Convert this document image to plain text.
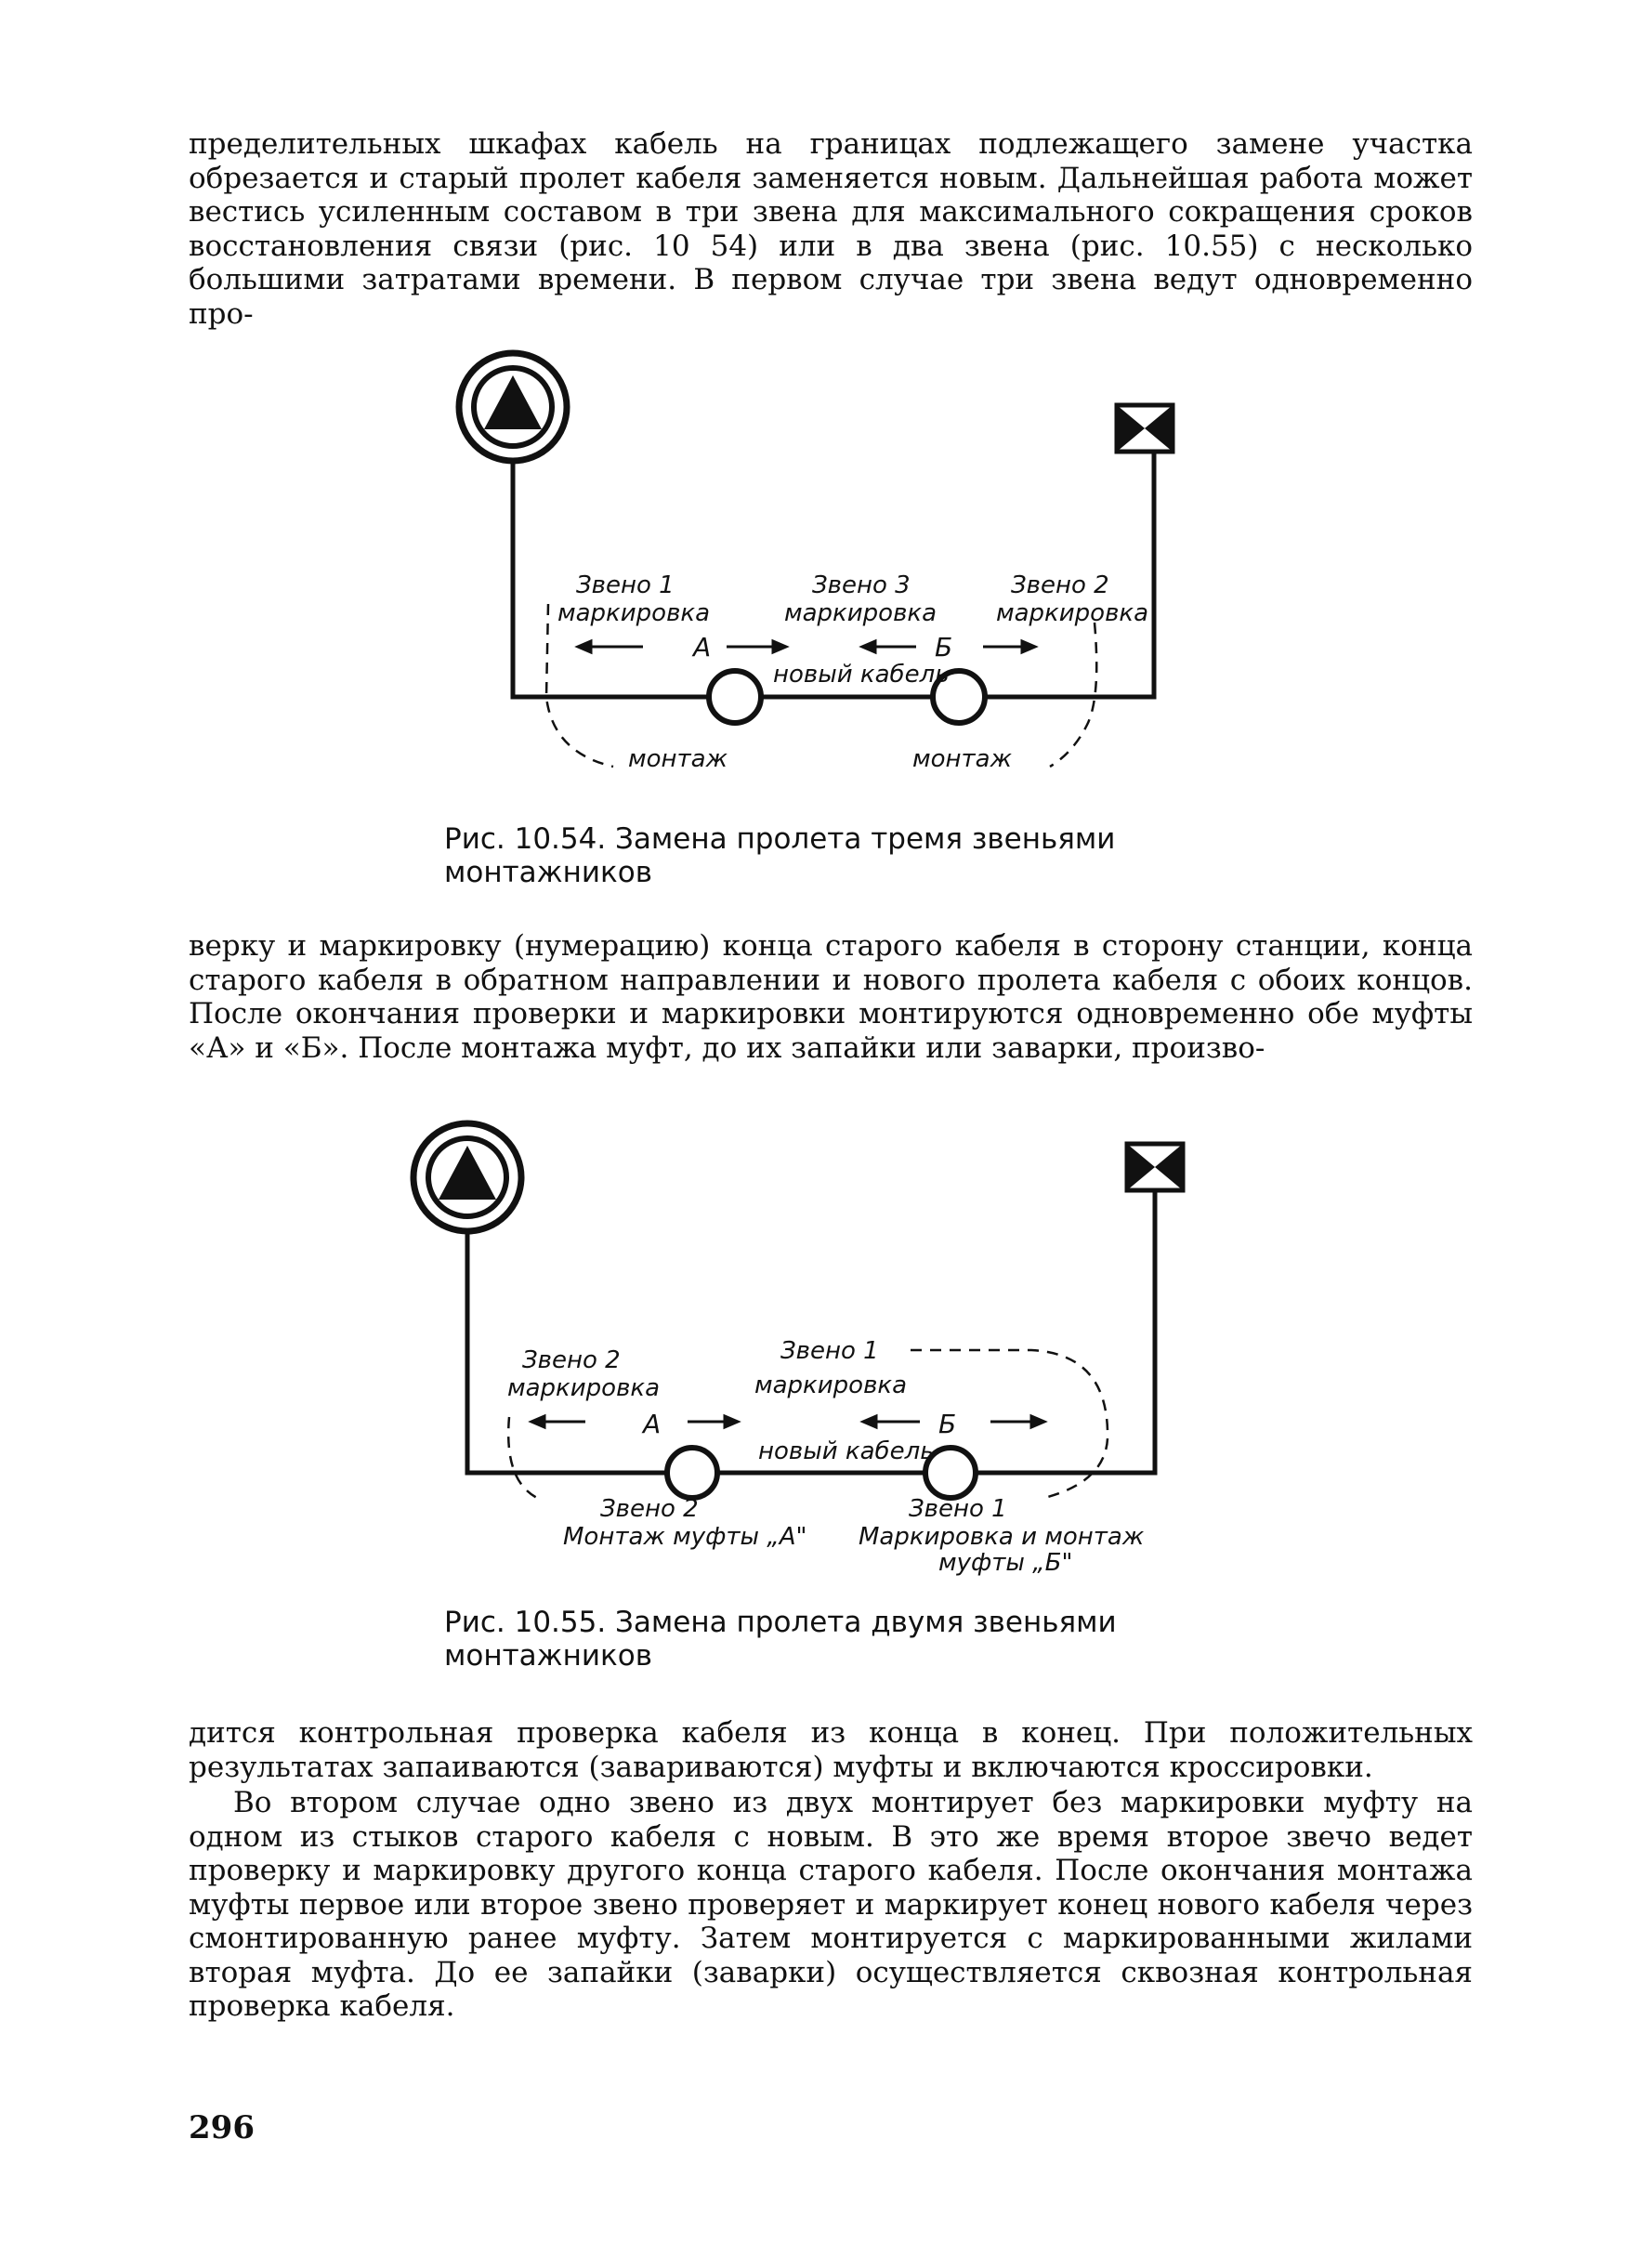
пределительных шкафах кабель на границах подлежащего замене участка обрезается и старый пролет кабеля заменяется новым. Дальнейшая работа может вестись усиленным составом в три звена для максимального сокращения сроков восстановления связи (рис. 10 54) или в два звена (рис. 10.55) с несколько большими затратами времени. В первом случае три звена ведут одновременно про-

Звено 1
маркировка
Звено 3
маркировка
Звено 2
маркировка
А	Б
новый кабель
монтаж	монтаж

Рис. 10.54. Замена пролета тремя звеньями монтажников

верку и маркировку (нумерацию) конца старого кабеля в сторону станции, конца старого кабеля в обратном направлении и нового пролета кабеля с обоих концов. После окончания проверки и маркировки монтируются одновременно обе муфты «А» и «Б». После монтажа муфт, до их запайки или заварки, произво-

Звено 2
маркировка
Звено 1
маркировка
А	Б
новый кабель
Звено 2
Монтаж муфты „А"
Звено 1
Маркировка и монтаж
муфты „Б"

Рис. 10.55. Замена пролета двумя звеньями монтажников

дится контрольная проверка кабеля из конца в конец. При положительных результатах запаиваются (завариваются) муфты и включаются кроссировки.

Во втором случае одно звено из двух монтирует без маркировки муфту на одном из стыков старого кабеля с новым. В это же время второе звечо ведет проверку и маркировку другого конца старого кабеля. После окончания монтажа муфты первое или второе звено проверяет и маркирует конец нового кабеля через смонтированную ранее муфту. Затем монтируется с маркированными жилами вторая муфта. До ее запайки (заварки) осуществляется сквозная контрольная проверка кабеля.

296
